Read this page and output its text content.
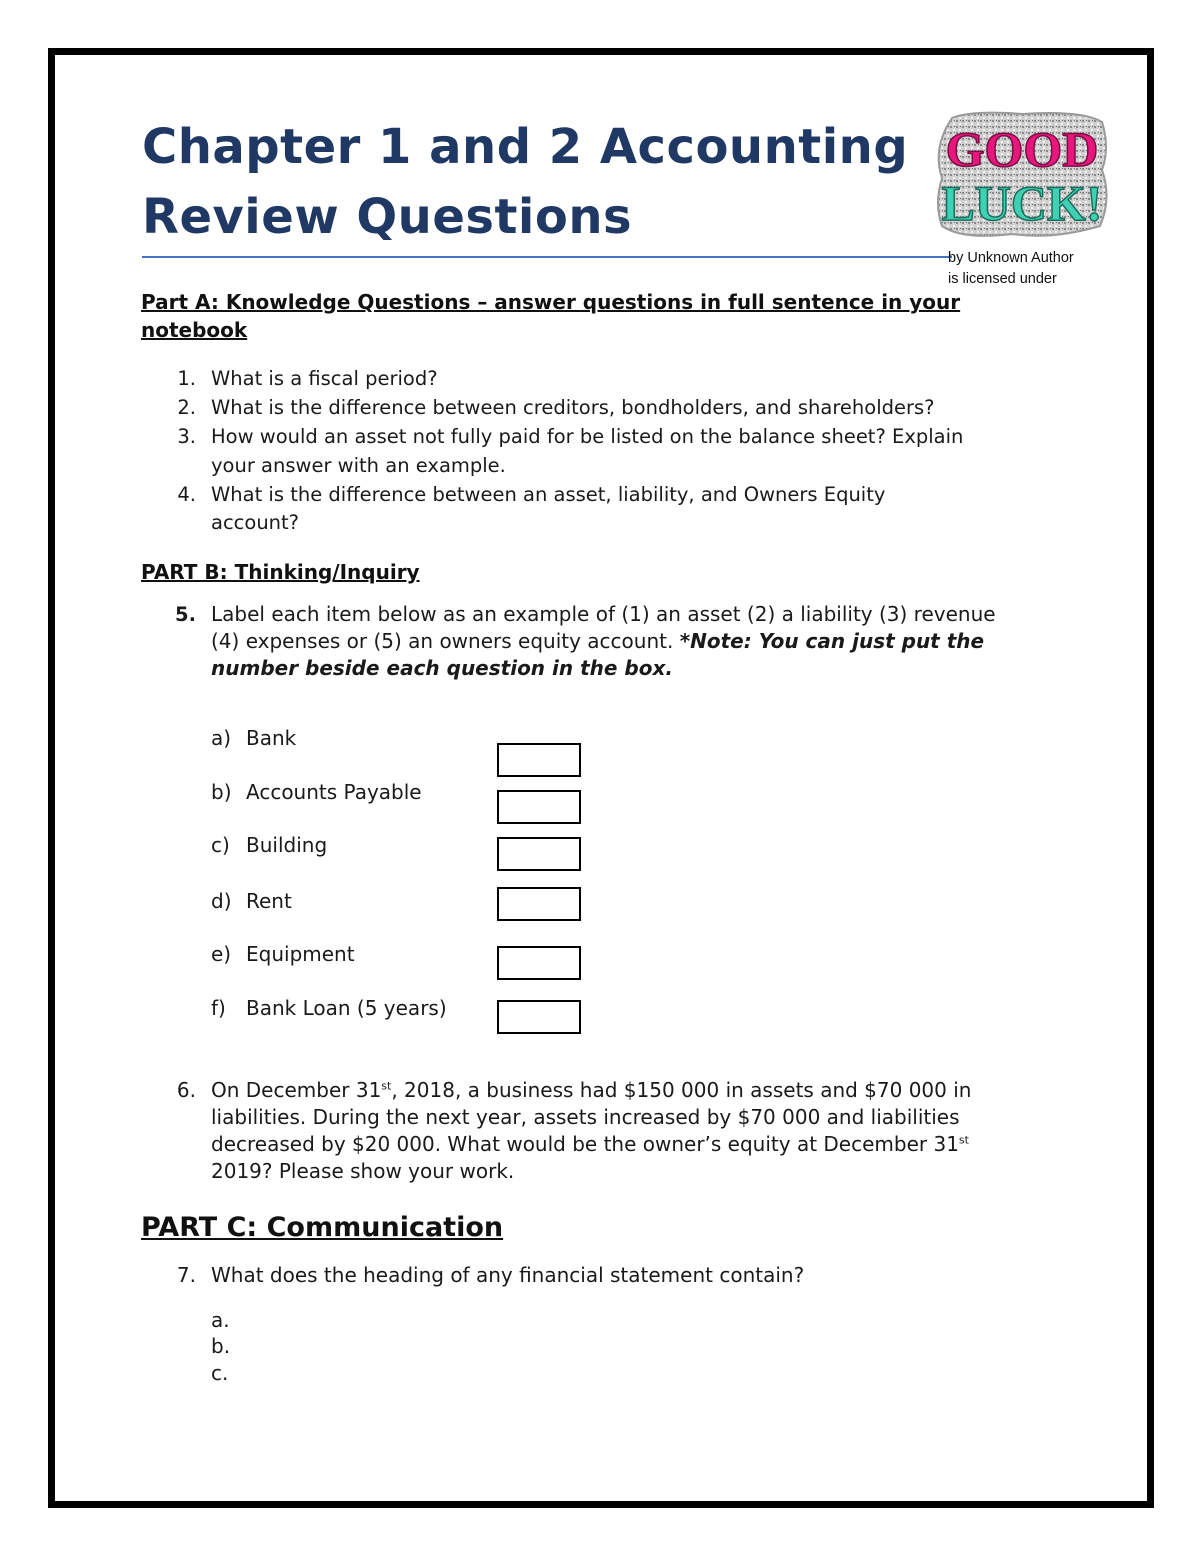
Chapter 1 and 2 Accounting
Review Questions
GOOD
LUCK!
by Unknown Author
is licensed under
Part A: Knowledge Questions – answer questions in full sentence in your
notebook
1. What is a fiscal period?
2. What is the difference between creditors, bondholders, and shareholders?
3. How would an asset not fully paid for be listed on the balance sheet? Explain
your answer with an example.
4. What is the difference between an asset, liability, and Owners Equity
account?
PART B: Thinking/Inquiry
5. Label each item below as an example of (1) an asset (2) a liability (3) revenue
(4) expenses or (5) an owners equity account. *Note: You can just put the
number beside each question in the box.
a) Bank
b) Accounts Payable
c) Building
d) Rent
e) Equipment
f) Bank Loan (5 years)
6. On December 31st, 2018, a business had $150 000 in assets and $70 000 in
liabilities. During the next year, assets increased by $70 000 and liabilities
decreased by $20 000. What would be the owner’s equity at December 31st
2019? Please show your work.
PART C: Communication
7. What does the heading of any financial statement contain?
a.
b.
c.
